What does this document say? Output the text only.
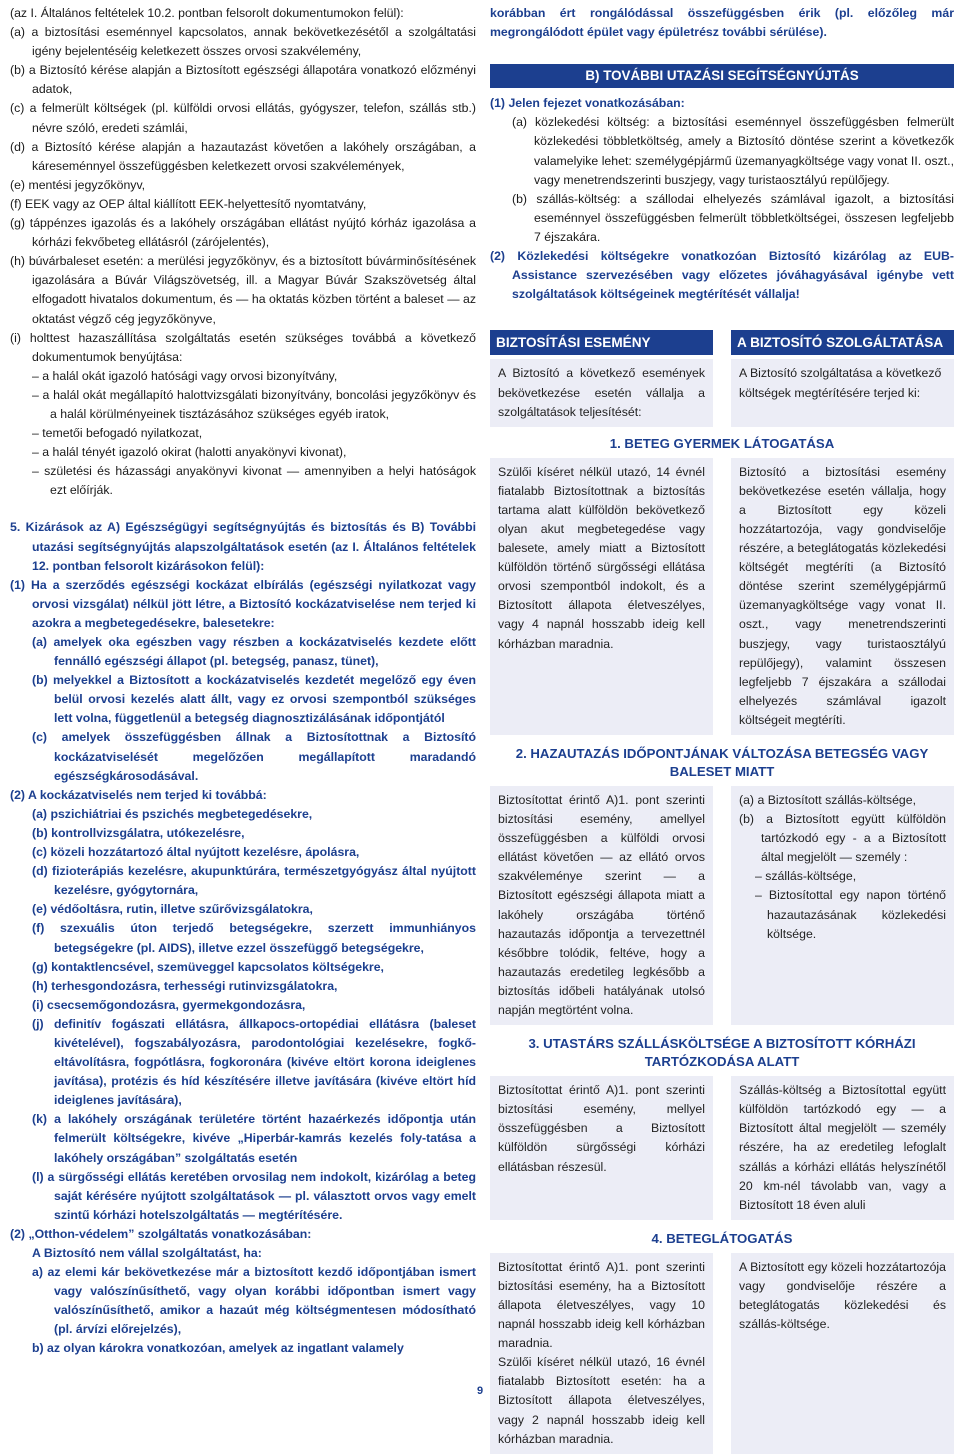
(az I. Általános feltételek 10.2. pontban felsorolt dokumentumokon felül):

(a) a biztosítási eseménnyel kapcsolatos, annak bekövetkezésétől a szolgáltatási igény bejelentéséig keletkezett összes orvosi szakvélemény,

(b) a Biztosító kérése alapján a Biztosított egészségi állapotára vonatkozó előzményi adatok,

(c) a felmerült költségek (pl. külföldi orvosi ellátás, gyógyszer, telefon, szállás stb.) névre szóló, eredeti számlái,

(d) a Biztosító kérése alapján a hazautazást követően a lakóhely országában, a káreseménnyel összefüggésben keletkezett orvosi szakvélemények,

(e) mentési jegyzőkönyv,

(f) EEK vagy az OEP által kiállított EEK-helyettesítő nyomtatvány,

(g) táppénzes igazolás és a lakóhely országában ellátást nyújtó kórház igazolása a kórházi fekvőbeteg ellátásról (zárójelentés),

(h) búvárbaleset esetén: a merülési jegyzőkönyv, és a biztosított búvárminősítésének igazolására a Búvár Világszövetség, ill. a Magyar Búvár Szakszövetség által elfogadott hivatalos dokumentum, és — ha oktatás közben történt a baleset — az oktatást végző cég jegyzőkönyve,

(i) holttest hazaszállítása szolgáltatás esetén szükséges továbbá a következő dokumentumok benyújtása:

– a halál okát igazoló hatósági vagy orvosi bizonyítvány,

– a halál okát megállapító halottvizsgálati bizonyítvány, boncolási jegyzőkönyv és a halál körülményeinek tisztázásához szükséges egyéb iratok,

– temetői befogadó nyilatkozat,

– a halál tényét igazoló okirat (halotti anyakönyvi kivonat),

– születési és házassági anyakönyvi kivonat — amennyiben a helyi hatóságok ezt előírják.

5. Kizárások az A) Egészségügyi segítségnyújtás és biztosítás és B) További utazási segítségnyújtás alapszolgáltatások esetén (az I. Általános feltételek 12. pontban felsorolt kizárásokon felül):

(1) Ha a szerződés egészségi kockázat elbírálás (egészségi nyilatkozat vagy orvosi vizsgálat) nélkül jött létre, a Biztosító kockázatviselése nem terjed ki azokra a megbetegedésekre, balesetekre:

(a) amelyek oka egészben vagy részben a kockázatviselés kezdete előtt fennálló egészségi állapot (pl. betegség, panasz, tünet),

(b) melyekkel a Biztosított a kockázatviselés kezdetét megelőző egy éven belül orvosi kezelés alatt állt, vagy ez orvosi szempontból szükséges lett volna, függetlenül a betegség diagnosztizálásának időpontjától

(c) amelyek összefüggésben állnak a Biztosítottnak a Biztosító kockázatviselését megelőzően megállapított maradandó egészségkárosodásával.

(2) A kockázatviselés nem terjed ki továbbá:

(a) pszichiátriai és pszichés megbetegedésekre,

(b) kontrollvizsgálatra, utókezelésre,

(c) közeli hozzátartozó által nyújtott kezelésre, ápolásra,

(d) fizioterápiás kezelésre, akupunktúrára, természetgyógyász által nyújtott kezelésre, gyógytornára,

(e) védőoltásra, rutin, illetve szűrővizsgálatokra,

(f) szexuális úton terjedő betegségekre, szerzett immunhiányos betegségekre (pl. AIDS), illetve ezzel összefüggő betegségekre,

(g) kontaktlencsével, szemüveggel kapcsolatos költségekre,

(h) terhesgondozásra, terhességi rutinvizsgálatokra,

(i) csecsemőgondozásra, gyermekgondozásra,

(j) definitív fogászati ellátásra, állkapocs-ortopédiai ellátásra (baleset kivételével), fogszabályozásra, parodontológiai kezelésekre, fogkő-eltávolításra, fogpótlásra, fogkoronára (kivéve eltört korona ideiglenes javítása), protézis és híd készítésére illetve javítására (kivéve eltört híd ideiglenes javítására),

(k) a lakóhely országának területére történt hazaérkezés időpontja után felmerült költségekre, kivéve „Hiperbár-kamrás kezelés foly-tatása a lakóhely országában” szolgáltatás esetén

(l) a sürgősségi ellátás keretében orvosilag nem indokolt, kizárólag a beteg saját kérésére nyújtott szolgáltatások — pl. választott orvos vagy emelt szintű kórházi hotelszolgáltatás — megtérítésére.

(2) „Otthon-védelem” szolgáltatás vonatkozásában:

A Biztosító nem vállal szolgáltatást, ha:

a) az elemi kár bekövetkezése már a biztosított kezdő időpontjában ismert vagy valószínűsíthető, vagy olyan korábbi időpontban ismert vagy valószínűsíthető, amikor a hazaút még költségmentesen módosítható (pl. árvízi előrejelzés),

b) az olyan károkra vonatkozóan, amelyek az ingatlant valamely

korábban ért rongálódással összefüggésben érik (pl. előzőleg már megrongálódott épület vagy épületrész további sérülése).

B) TOVÁBBI UTAZÁSI SEGÍTSÉGNYÚJTÁS

(1) Jelen fejezet vonatkozásában:

(a) közlekedési költség: a biztosítási eseménnyel összefüggésben felmerült közlekedési többletköltség, amely a Biztosító döntése szerint a következők valamelyike lehet: személygépjármű üzemanyagköltsége vagy vonat II. oszt., vagy menetrendszerinti buszjegy, vagy turistaosztályú repülőjegy.

(b) szállás-költség: a szállodai elhelyezés számlával igazolt, a biztosítási eseménnyel összefüggésben felmerült többletköltségei, összesen legfeljebb 7 éjszakára.

(2) Közlekedési költségekre vonatkozóan Biztosító kizárólag az EUB-Assistance szervezésében vagy előzetes jóváhagyásával igénybe vett szolgáltatások költségeinek megtérítését vállalja!

BIZTOSÍTÁSI ESEMÉNY	A BIZTOSÍTÓ SZOLGÁLTATÁSA
A Biztosító a következő események bekövetkezése esetén vállalja a szolgáltatások teljesítését:
A Biztosító szolgáltatása a következő költségek megtérítésére terjed ki:
1. BETEG GYERMEK LÁTOGATÁSA
Szülői kíséret nélkül utazó, 14 évnél fiatalabb Biztosítottnak a biztosítás tartama alatt külföldön bekövetkező olyan akut megbetegedése vagy balesete, amely miatt a Biztosított külföldön történő sürgősségi ellátása orvosi szempontból indokolt, és a Biztosított állapota életveszélyes, vagy 4 napnál hosszabb ideig kell kórházban maradnia.
Biztosító a biztosítási esemény bekövetkezése esetén vállalja, hogy a Biztosított egy közeli hozzátartozója, vagy gondviselője részére, a beteglátogatás közlekedési költségét megtéríti (a Biztosító döntése szerint személygépjármű üzemanyagköltsége vagy vonat II. oszt., vagy menetrendszerinti buszjegy, vagy turistaosztályú repülőjegy), valamint összesen legfeljebb 7 éjszakára a szállodai elhelyezés számlával igazolt költségeit megtéríti.
2. HAZAUTAZÁS IDŐPONTJÁNAK VÁLTOZÁSA BETEGSÉG VAGY BALESET MIATT
Biztosítottat érintő A)1. pont szerinti biztosítási esemény, amellyel összefüggésben a külföldi orvosi ellátást követően — az ellátó orvos szakvéleménye szerint — a Biztosított egészségi állapota miatt a lakóhely országába történő hazautazás időpontja a tervezettnél későbbre tolódik, feltéve, hogy a hazautazás eredetileg legkésőbb a biztosítás időbeli hatályának utolsó napján megtörtént volna.

(a) a Biztosított szállás-költsége,

(b) a Biztosított együtt külföldön tartózkodó egy - a a Biztosított által megjelölt — személy :

– szállás-költsége,

– Biztosítottal egy napon történő hazautazásának közlekedési költsége.

3. UTASTÁRS SZÁLLÁSKÖLTSÉGE A BIZTOSÍTOTT KÓRHÁZI TARTÓZKODÁSA ALATT
Biztosítottat érintő A)1. pont szerinti biztosítási esemény, mellyel összefüggésben a Biztosított külföldön sürgősségi kórházi ellátásban részesül.
Szállás-költség a Biztosítottal együtt külföldön tartózkodó egy — a Biztosított által megjelölt — személy részére, ha az eredetileg lefoglalt szállás a kórházi ellátás helyszínétől 20 km-nél távolabb van, vagy a Biztosított 18 éven aluli
4. BETEGLÁTOGATÁS

Biztosítottat érintő A)1. pont szerinti biztosítási esemény, ha a Biztosított állapota életveszélyes, vagy 10 napnál hosszabb ideig kell kórházban maradnia.

Szülői kíséret nélkül utazó, 16 évnél fiatalabb Biztosított esetén: ha a Biztosított állapota életveszélyes, vagy 2 napnál hosszabb ideig kell kórházban maradnia.

A Biztosított egy közeli hozzátartozója vagy gondviselője részére a beteglátogatás közlekedési és szállás-költsége.
9
